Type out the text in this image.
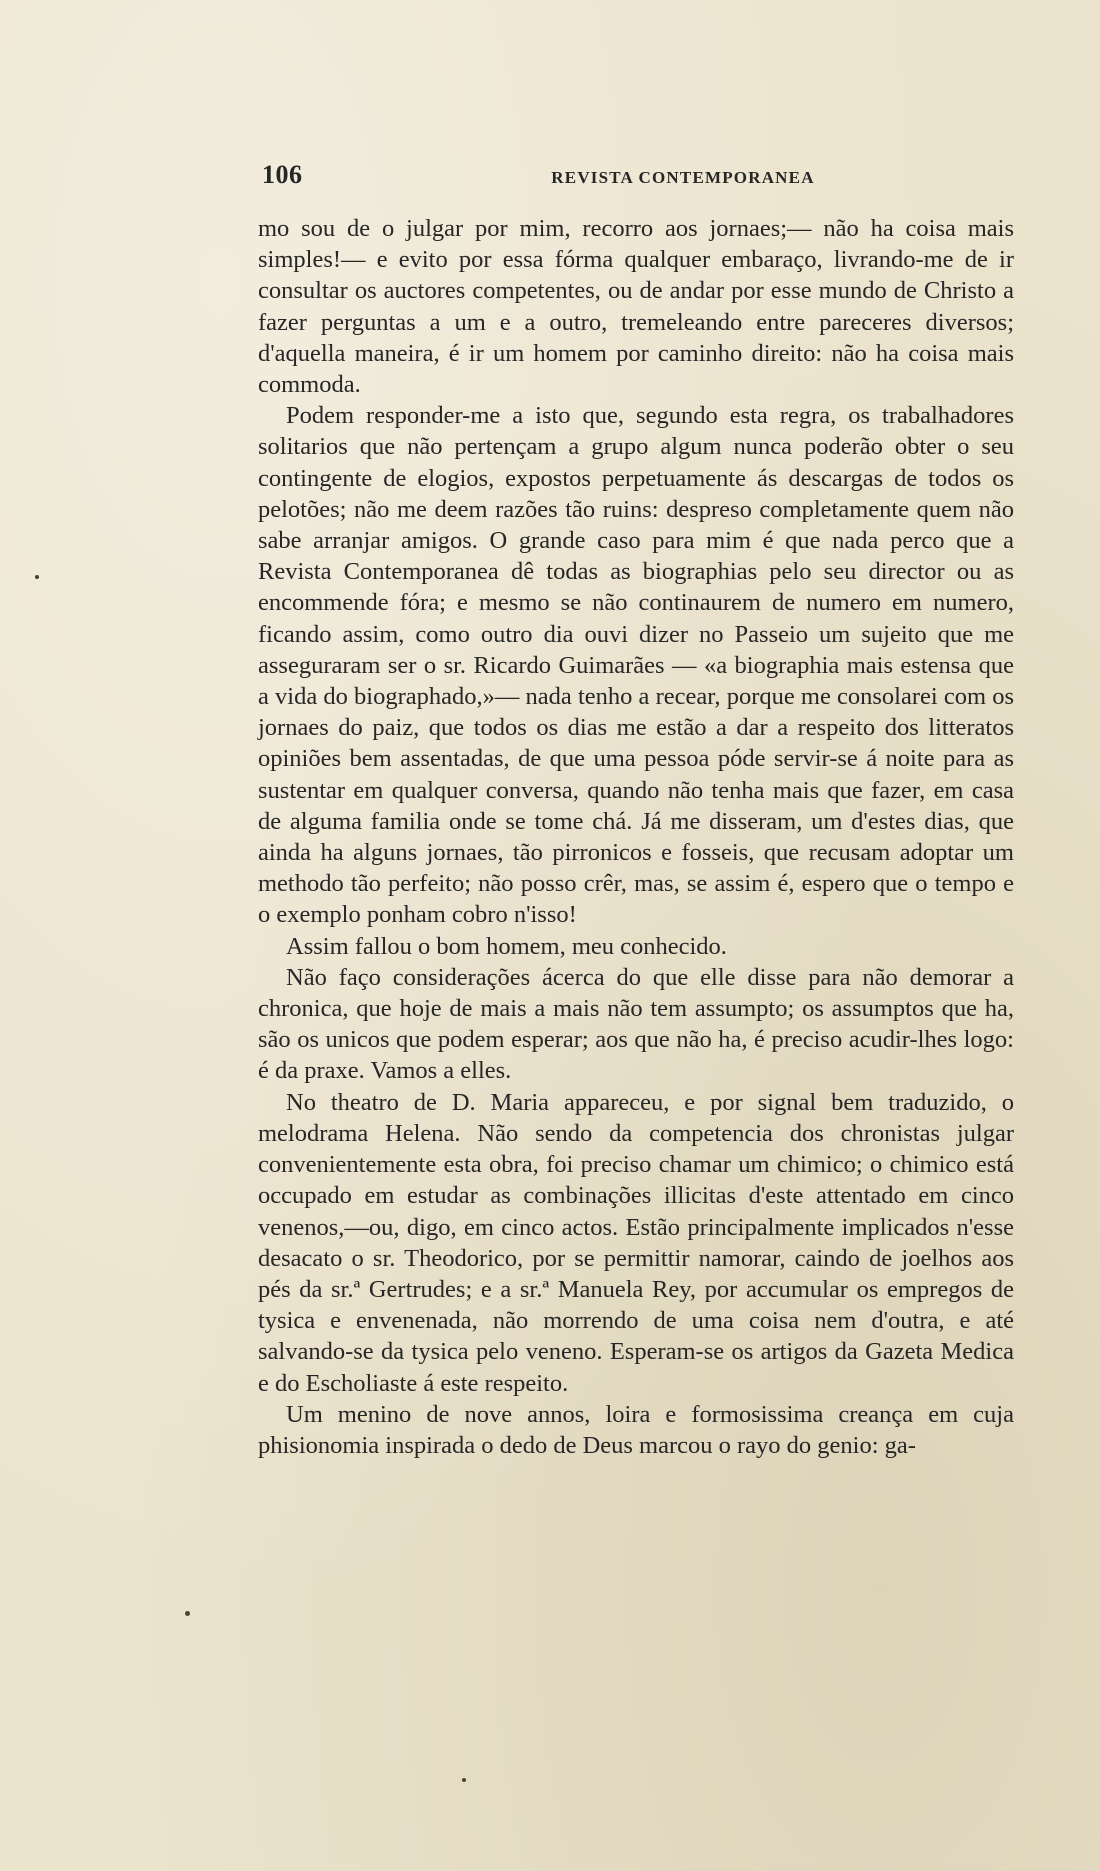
106	REVISTA CONTEMPORANEA

mo sou de o julgar por mim, recorro aos jornaes;— não ha coisa mais simples!— e evito por essa fórma qualquer embaraço, livrando-me de ir consultar os auctores competentes, ou de andar por esse mundo de Christo a fazer perguntas a um e a outro, tremeleando entre pareceres diversos; d'aquella maneira, é ir um homem por caminho direito: não ha coisa mais commoda.

Podem responder-me a isto que, segundo esta regra, os trabalhadores solitarios que não pertençam a grupo algum nunca poderão obter o seu contingente de elogios, expostos perpetuamente ás descargas de todos os pelotões; não me deem razões tão ruins: despreso completamente quem não sabe arranjar amigos. O grande caso para mim é que nada perco que a Revista Contemporanea dê todas as biographias pelo seu director ou as encommende fóra; e mesmo se não continaurem de numero em numero, ficando assim, como outro dia ouvi dizer no Passeio um sujeito que me asseguraram ser o sr. Ricardo Guimarães — «a biographia mais estensa que a vida do biographado,»— nada tenho a recear, porque me consolarei com os jornaes do paiz, que todos os dias me estão a dar a respeito dos litteratos opiniões bem assentadas, de que uma pessoa póde servir-se á noite para as sustentar em qualquer conversa, quando não tenha mais que fazer, em casa de alguma familia onde se tome chá. Já me disseram, um d'estes dias, que ainda ha alguns jornaes, tão pirronicos e fosseis, que recusam adoptar um methodo tão perfeito; não posso crêr, mas, se assim é, espero que o tempo e o exemplo ponham cobro n'isso!

Assim fallou o bom homem, meu conhecido.

Não faço considerações ácerca do que elle disse para não demorar a chronica, que hoje de mais a mais não tem assumpto; os assumptos que ha, são os unicos que podem esperar; aos que não ha, é preciso acudir-lhes logo: é da praxe. Vamos a elles.

No theatro de D. Maria appareceu, e por signal bem traduzido, o melodrama Helena. Não sendo da competencia dos chronistas julgar convenientemente esta obra, foi preciso chamar um chimico; o chimico está occupado em estudar as combinações illicitas d'este attentado em cinco venenos,—ou, digo, em cinco actos. Estão principalmente implicados n'esse desacato o sr. Theodorico, por se permittir namorar, caindo de joelhos aos pés da sr.ª Gertrudes; e a sr.ª Manuela Rey, por accumular os empregos de tysica e envenenada, não morrendo de uma coisa nem d'outra, e até salvando-se da tysica pelo veneno. Esperam-se os artigos da Gazeta Medica e do Escholiaste á este respeito.

Um menino de nove annos, loira e formosissima creança em cuja phisionomia inspirada o dedo de Deus marcou o rayo do genio: ga-
